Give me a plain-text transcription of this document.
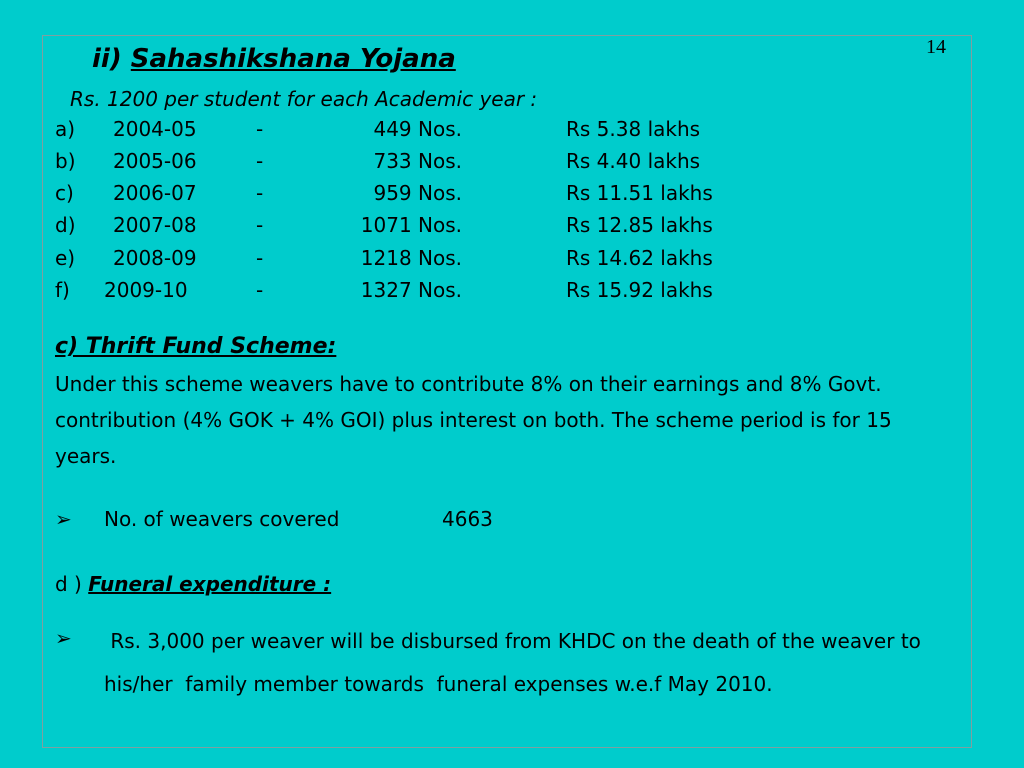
14
ii) Sahashikshana Yojana
Rs. 1200 per student for each Academic year :
a) 2004-05	-	449 Nos.	Rs 5.38 lakhs
b) 2005-06	-	733 Nos.	Rs 4.40 lakhs
c) 2006-07	-	959 Nos.	Rs 11.51 lakhs
d) 2007-08	-	1071 Nos.	Rs 12.85 lakhs
e) 2008-09	-	1218 Nos.	Rs 14.62 lakhs
f) 2009-10	-	1327 Nos.	Rs 15.92 lakhs
c) Thrift Fund Scheme:
Under this scheme weavers have to contribute 8% on their earnings and 8% Govt. contribution (4% GOK + 4% GOI) plus interest on both. The scheme period is for 15 years.
➢ No. of weavers covered	4663
d ) Funeral expenditure :
➢ Rs. 3,000 per weaver will be disbursed from KHDC on the death of the weaver to his/her  family member towards  funeral expenses w.e.f May 2010.
